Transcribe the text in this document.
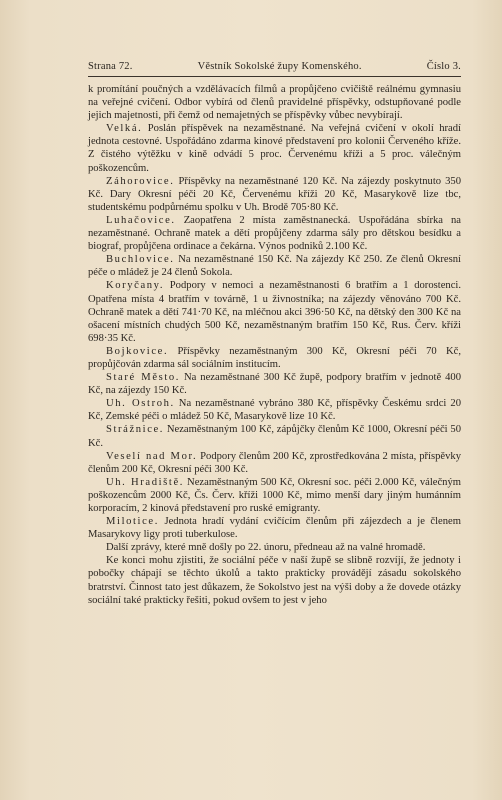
Strana 72.	Věstník Sokolské župy Komenského.	Číslo 3.

k promítání poučných a vzdělávacích filmů a propůjčeno cvičiště reálnému gymnasiu na veřejné cvičení. Odbor vybírá od členů pravidelné příspěvky, odstupňované podle jejich majetnosti, při čemž od nemajetných se příspěvky vůbec nevybírají.

Velká. Poslán příspěvek na nezaměstnané. Na veřejná cvičení v okolí hradí jednota cestovné. Uspořádáno zdarma kinové představení pro kolonii Červeného kříže. Z čistého výtěžku v kině odvádí 5 proc. Červenému kříži a 5 proc. válečným poškozencům.

Záhorovice. Příspěvky na nezaměstnané 120 Kč. Na zájezdy poskytnuto 350 Kč. Dary Okresní péči 20 Kč, Červenému kříži 20 Kč, Masarykově lize tbc, studentskému podpůrnému spolku v Uh. Brodě 705·80 Kč.

Luhačovice. Zaopatřena 2 místa zaměstnanecká. Uspořádána sbírka na nezaměstnané. Ochraně matek a dětí propůjčeny zdarma sály pro dětskou besídku a biograf, propůjčena ordinace a čekárna. Výnos podniků 2.100 Kč.

Buchlovice. Na nezaměstnané 150 Kč. Na zájezdy Kč 250. Ze členů Okresní péče o mládež je 24 členů Sokola.

Koryčany. Podpory v nemoci a nezaměstnanosti 6 bratřím a 1 dorostenci. Opatřena místa 4 bratřím v továrně, 1 u živnostníka; na zájezdy věnováno 700 Kč. Ochraně matek a dětí 741·70 Kč, na mléčnou akci 396·50 Kč, na dětský den 300 Kč na ošacení místních chudých 500 Kč, nezaměstnaným bratřím 150 Kč, Rus. Červ. kříži 698·35 Kč.

Bojkovice. Příspěvky nezaměstnaným 300 Kč, Okresní péči 70 Kč, propůjčován zdarma sál sociálním institucím.

Staré Město. Na nezaměstnané 300 Kč župě, podpory bratřím v jednotě 400 Kč, na zájezdy 150 Kč.

Uh. Ostroh. Na nezaměstnané vybráno 380 Kč, příspěvky Českému srdci 20 Kč, Zemské péči o mládež 50 Kč, Masarykově lize 10 Kč.

Strážnice. Nezaměstnaným 100 Kč, zápůjčky členům Kč 1000, Okresní péči 50 Kč.

Veselí nad Mor. Podpory členům 200 Kč, zprostředkována 2 místa, příspěvky členům 200 Kč, Okresní péči 300 Kč.

Uh. Hradiště. Nezaměstnaným 500 Kč, Okresní soc. péči 2.000 Kč, válečným poškozencům 2000 Kč, Čs. Červ. kříži 1000 Kč, mimo menší dary jiným humánním korporacím, 2 kinová představení pro ruské emigranty.

Milotice. Jednota hradí vydání cvičícím členům při zájezdech a je členem Masarykovy ligy proti tuberkulose.

Další zprávy, které mně došly po 22. únoru, předneau až na valné hromadě.

Ke konci mohu zjistiti, že sociální péče v naší župě se slibně rozvíjí, že jednoty i pobočky chápají se těchto úkolů a takto prakticky provádějí zásadu sokolského bratrství. Činnost tato jest důkazem, že Sokolstvo jest na výši doby a že dovede otázky sociální také prakticky řešiti, pokud ovšem to jest v jeho
